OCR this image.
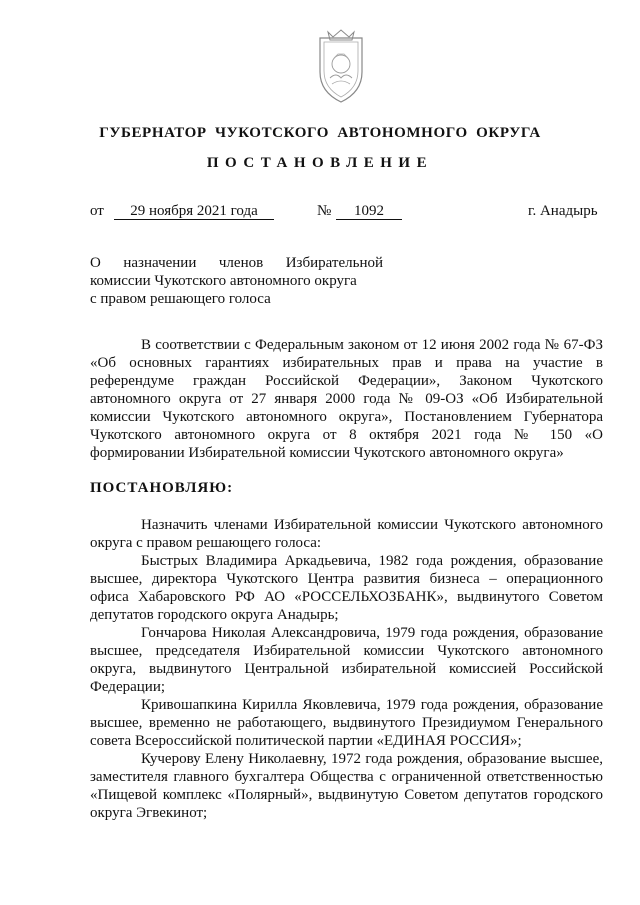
ГУБЕРНАТОР ЧУКОТСКОГО АВТОНОМНОГО ОКРУГА
ПОСТАНОВЛЕНИЕ
от	29 ноября 2021 года	№	1092	г. Анадырь
О назначении членов Избирательной
комиссии Чукотского автономного округа
с правом решающего голоса

В соответствии с Федеральным законом от 12 июня 2002 года № 67-ФЗ «Об основных гарантиях избирательных прав и права на участие в референдуме граждан Российской Федерации», Законом Чукотского автономного округа от 27 января 2000 года № 09-ОЗ «Об Избирательной комиссии Чукотского автономного округа», Постановлением Губернатора Чукотского автономного округа от 8 октября 2021 года № 150 «О формировании Избирательной комиссии Чукотского автономного округа»

ПОСТАНОВЛЯЮ:

Назначить членами Избирательной комиссии Чукотского автономного округа с правом решающего голоса:

Быстрых Владимира Аркадьевича, 1982 года рождения, образование высшее, директора Чукотского Центра развития бизнеса – операционного офиса Хабаровского РФ АО «РОССЕЛЬХОЗБАНК», выдвинутого Советом депутатов городского округа Анадырь;

Гончарова Николая Александровича, 1979 года рождения, образование высшее, председателя Избирательной комиссии Чукотского автономного округа, выдвинутого Центральной избирательной комиссией Российской Федерации;

Кривошапкина Кирилла Яковлевича, 1979 года рождения, образование высшее, временно не работающего, выдвинутого Президиумом Генерального совета Всероссийской политической партии «ЕДИНАЯ РОССИЯ»;

Кучерову Елену Николаевну, 1972 года рождения, образование высшее, заместителя главного бухгалтера Общества с ограниченной ответственностью «Пищевой комплекс «Полярный», выдвинутую Советом депутатов городского округа Эгвекинот;
